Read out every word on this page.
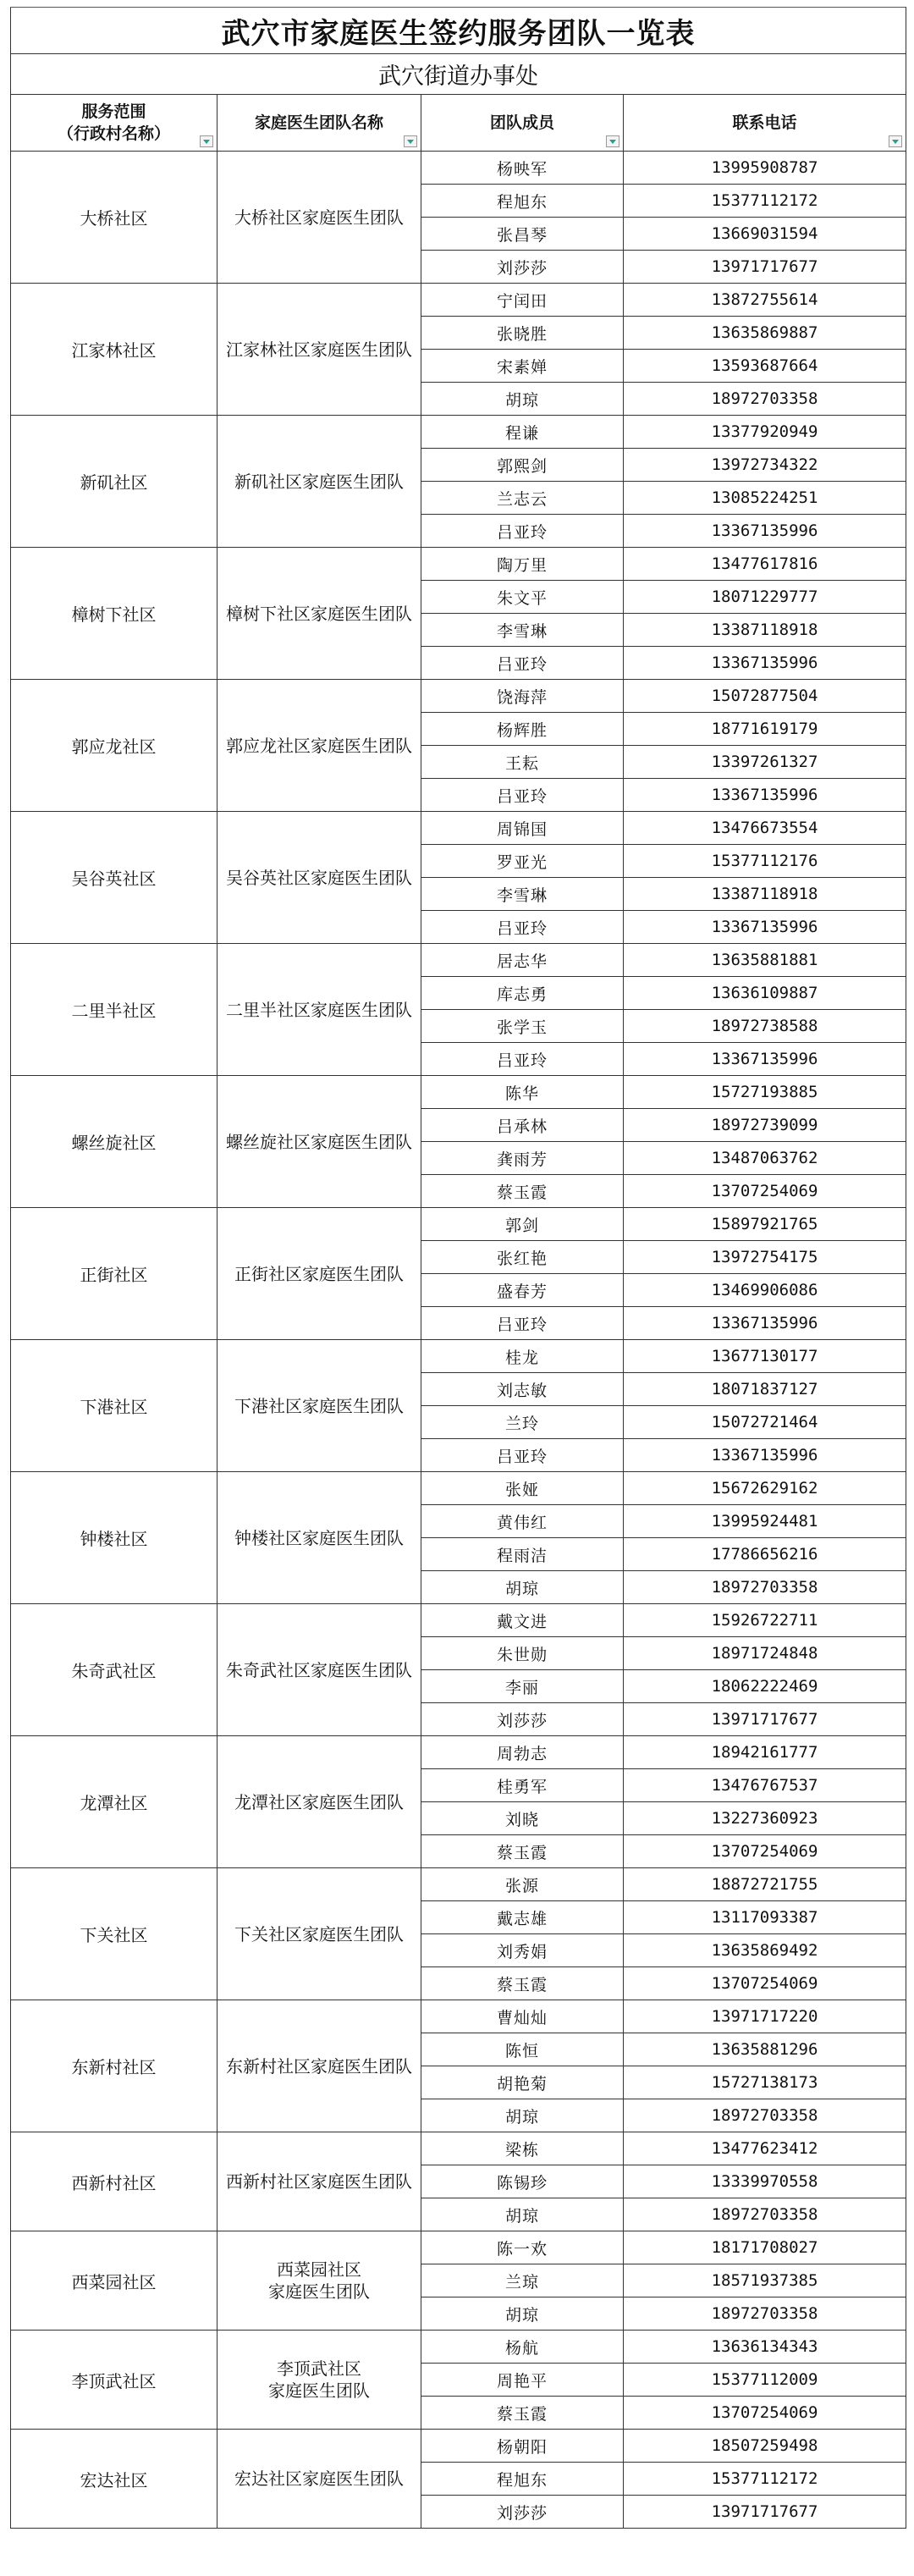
武穴市家庭医生签约服务团队一览表			
武穴街道办事处			

服务范围
（行政村名称）	家庭医生团队名称	团队成员	联系电话

大桥社区	大桥社区家庭医生团队	杨映军	13995908787
		程旭东	15377112172
		张昌琴	13669031594
		刘莎莎	13971717677
江家林社区	江家林社区家庭医生团队	宁闰田	13872755614
		张晓胜	13635869887
		宋素婵	13593687664
		胡琼	18972703358
新矶社区	新矶社区家庭医生团队	程谦	13377920949
		郭熙剑	13972734322
		兰志云	13085224251
		吕亚玲	13367135996
樟树下社区	樟树下社区家庭医生团队	陶万里	13477617816
		朱文平	18071229777
		李雪琳	13387118918
		吕亚玲	13367135996
郭应龙社区	郭应龙社区家庭医生团队	饶海萍	15072877504
		杨辉胜	18771619179
		王耘	13397261327
		吕亚玲	13367135996
吴谷英社区	吴谷英社区家庭医生团队	周锦国	13476673554
		罗亚光	15377112176
		李雪琳	13387118918
		吕亚玲	13367135996
二里半社区	二里半社区家庭医生团队	居志华	13635881881
		库志勇	13636109887
		张学玉	18972738588
		吕亚玲	13367135996
螺丝旋社区	螺丝旋社区家庭医生团队	陈华	15727193885
		吕承林	18972739099
		龚雨芳	13487063762
		蔡玉霞	13707254069
正街社区	正街社区家庭医生团队	郭剑	15897921765
		张红艳	13972754175
		盛春芳	13469906086
		吕亚玲	13367135996
下港社区	下港社区家庭医生团队	桂龙	13677130177
		刘志敏	18071837127
		兰玲	15072721464
		吕亚玲	13367135996
钟楼社区	钟楼社区家庭医生团队	张娅	15672629162
		黄伟红	13995924481
		程雨洁	17786656216
		胡琼	18972703358
朱奇武社区	朱奇武社区家庭医生团队	戴文进	15926722711
		朱世勋	18971724848
		李丽	18062222469
		刘莎莎	13971717677
龙潭社区	龙潭社区家庭医生团队	周勃志	18942161777
		桂勇军	13476767537
		刘晓	13227360923
		蔡玉霞	13707254069
下关社区	下关社区家庭医生团队	张源	18872721755
		戴志雄	13117093387
		刘秀娟	13635869492
		蔡玉霞	13707254069
东新村社区	东新村社区家庭医生团队	曹灿灿	13971717220
		陈恒	13635881296
		胡艳菊	15727138173
		胡琼	18972703358
西新村社区	西新村社区家庭医生团队	梁栋	13477623412
		陈锡珍	13339970558
		胡琼	18972703358
西菜园社区	西菜园社区
家庭医生团队	陈一欢	18171708027
		兰琼	18571937385
		胡琼	18972703358
李顶武社区	李顶武社区
家庭医生团队	杨航	13636134343
		周艳平	15377112009
		蔡玉霞	13707254069
宏达社区	宏达社区家庭医生团队	杨朝阳	18507259498
		程旭东	15377112172
		刘莎莎	13971717677
